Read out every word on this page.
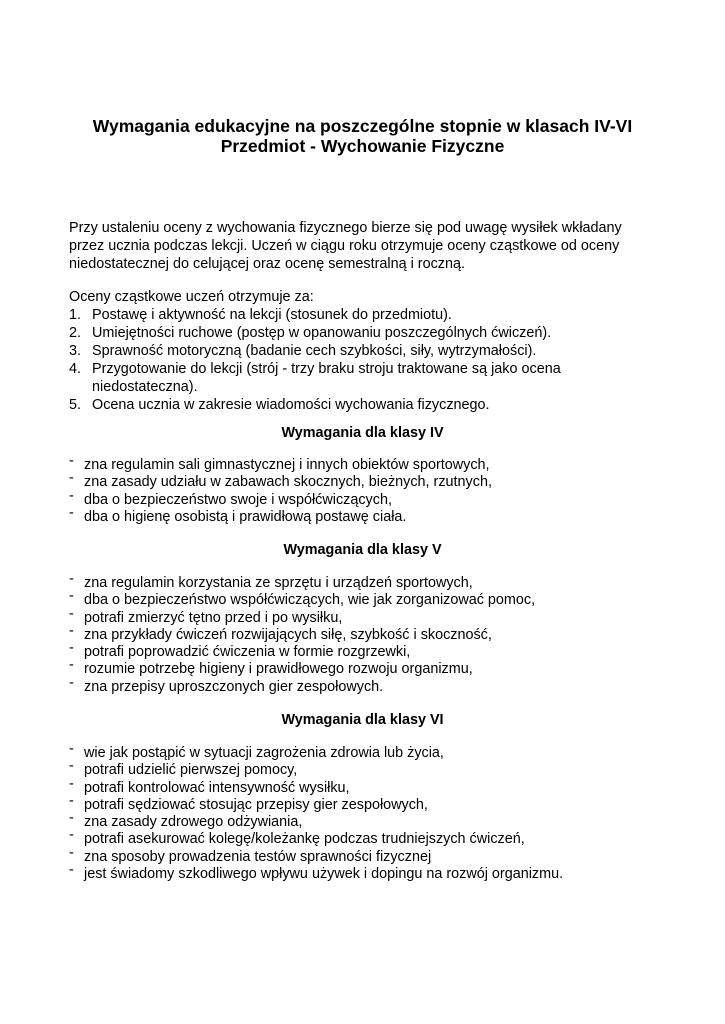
Wymagania edukacyjne na poszczególne stopnie w klasach IV-VI
Przedmiot - Wychowanie Fizyczne

Przy ustaleniu oceny z wychowania fizycznego bierze się pod uwagę wysiłek wkładany
przez ucznia podczas lekcji. Uczeń w ciągu roku otrzymuje oceny cząstkowe od oceny
niedostatecznej do celującej oraz ocenę semestralną i roczną.

Oceny cząstkowe uczeń otrzymuje za:

1. Postawę i aktywność na lekcji (stosunek do przedmiotu).
2. Umiejętności ruchowe (postęp w opanowaniu poszczególnych ćwiczeń).
3. Sprawność motoryczną (badanie cech szybkości, siły, wytrzymałości).
4. Przygotowanie do lekcji (strój - trzy braku stroju traktowane są jako ocena niedostateczna).
5. Ocena ucznia w zakresie wiadomości wychowania fizycznego.
Wymagania dla klasy IV
- zna regulamin sali gimnastycznej i innych obiektów sportowych,
- zna zasady udziału w zabawach skocznych, bieżnych, rzutnych,
- dba o bezpieczeństwo swoje i współćwiczących,
- dba o higienę osobistą i prawidłową postawę ciała.
Wymagania dla klasy V
- zna regulamin korzystania ze sprzętu i urządzeń sportowych,
- dba o bezpieczeństwo współćwiczących, wie jak zorganizować pomoc,
- potrafi zmierzyć tętno przed i po wysiłku,
- zna przykłady ćwiczeń rozwijających siłę, szybkość i skoczność,
- potrafi poprowadzić ćwiczenia w formie rozgrzewki,
- rozumie potrzebę higieny i prawidłowego rozwoju organizmu,
- zna przepisy uproszczonych gier zespołowych.
Wymagania dla klasy VI
- wie jak postąpić w sytuacji zagrożenia zdrowia lub życia,
- potrafi udzielić pierwszej pomocy,
- potrafi kontrolować intensywność wysiłku,
- potrafi sędziować stosując przepisy gier zespołowych,
- zna zasady zdrowego odżywiania,
- potrafi asekurować kolegę/koleżankę podczas trudniejszych ćwiczeń,
- zna sposoby prowadzenia testów sprawności fizycznej
- jest świadomy szkodliwego wpływu używek i dopingu na rozwój organizmu.
